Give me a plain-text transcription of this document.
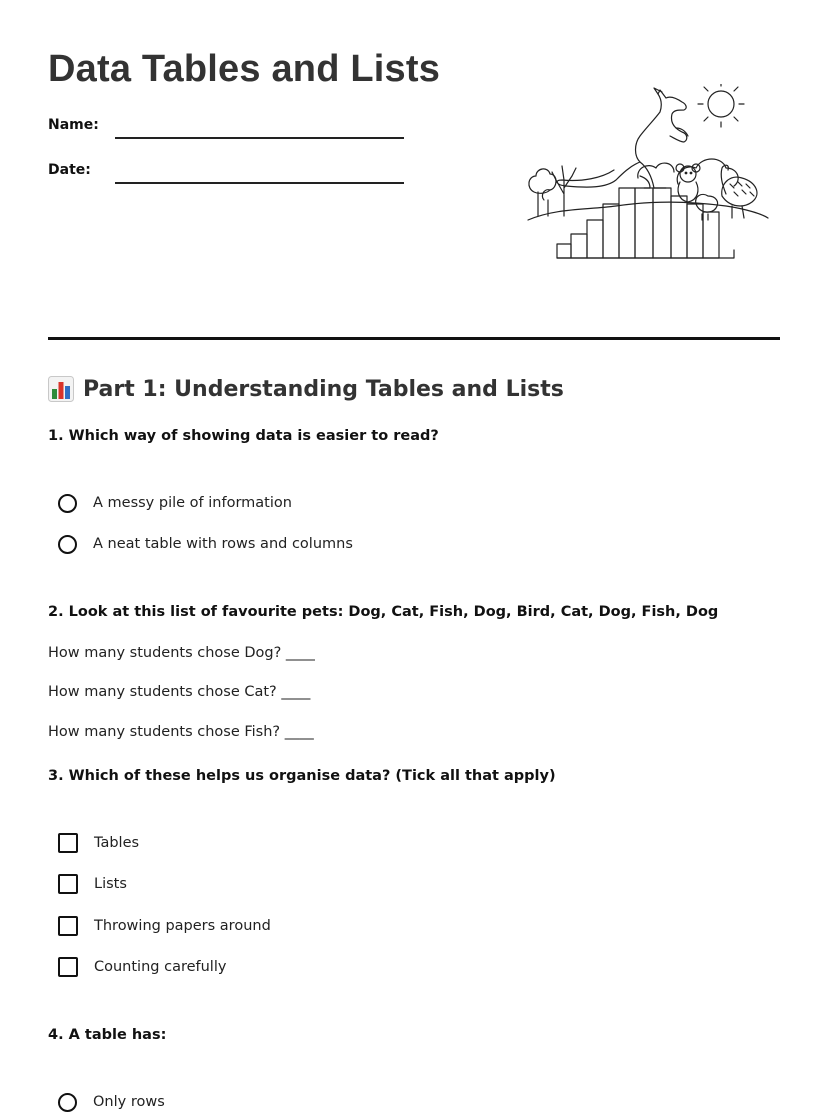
Data Tables and Lists
Name:
Date:
Part 1: Understanding Tables and Lists
1. Which way of showing data is easier to read?
A messy pile of information
A neat table with rows and columns
2. Look at this list of favourite pets: Dog, Cat, Fish, Dog, Bird, Cat, Dog, Fish, Dog
How many students chose Dog? ____
How many students chose Cat? ____
How many students chose Fish? ____
3. Which of these helps us organise data? (Tick all that apply)
Tables
Lists
Throwing papers around
Counting carefully
4. A table has:
Only rows
